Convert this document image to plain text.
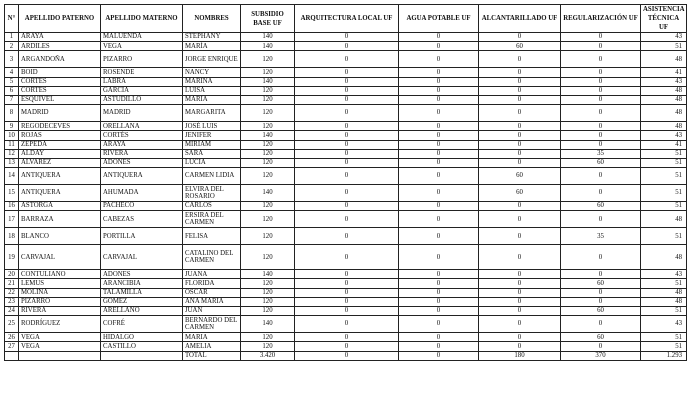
N°	APELLIDO PATERNO	APELLIDO MATERNO	NOMBRES	SUBSIDIO BASE UF	ARQUITECTURA LOCAL UF	AGUA POTABLE UF	ALCANTARILLADO UF	REGULARIZACIÓN UF	ASISTENCIA TÉCNICA UF
1	ARAYA	MALUENDA	STEPHANY	140	0	0	0	0	43
2	ARDILES	VEGA	MARÍA	140	0	0	60	0	51
3	ARGANDOÑA	PIZARRO	JORGE ENRIQUE	120	0	0	0	0	48
4	BOID	ROSENDE	NANCY	120	0	0	0	0	41
5	CORTES	LABRA	MARINA	140	0	0	0	0	43
6	CORTÉS	GARCÍA	LUISA	120	0	0	0	0	48
7	ESQUIVEL	ASTUDILLO	MARIA	120	0	0	0	0	48
8	MADRID	MADRID	MARGARITA	120	0	0	0	0	48
9	REGODECEVES	ORELLANA	JOSÉ LUIS	120	0	0	0	0	48
10	ROJAS	CORTÉS	JENIFER	140	0	0	0	0	43
11	ZEPEDA	ARAYA	MIRIAM	120	0	0	0	0	41
12	ALDAY	RIVERA	SARA	120	0	0	0	35	51
13	ALVAREZ	ADONES	LUCIA	120	0	0	0	60	51
14	ANTIQUERA	ANTIQUERA	CARMEN LIDIA	120	0	0	60	0	51
15	ANTIQUERA	AHUMADA	ELVIRA DEL ROSARIO	140	0	0	60	0	51
16	ASTORGA	PACHECO	CARLOS	120	0	0	0	60	51
17	BARRAZA	CABEZAS	ERSIRA DEL CARMEN	120	0	0	0	0	48
18	BLANCO	PORTILLA	FELISA	120	0	0	0	35	51
19	CARVAJAL	CARVAJAL	CATALINO DEL CARMEN	120	0	0	0	0	48
20	CONTULIANO	ADONES	JUANA	140	0	0	0	0	43
21	LEMUS	ARANCIBIA	FLORIDA	120	0	0	0	60	51
22	MOLINA	TALAMILLA	OSCAR	120	0	0	0	0	48
23	PIZARRO	GOMEZ	ANA MARÍA	120	0	0	0	0	48
24	RIVERA	ARELLANO	JUAN	120	0	0	0	60	51
25	RODRÍGUEZ	COFRÉ	BERNARDO DEL CARMEN	140	0	0	0	0	43
26	VEGA	HIDALGO	MARIA	120	0	0	0	60	51
27	VEGA	CASTILLO	AMELIA	120	0	0	0	0	51
			TOTAL	3.420	0	0	180	370	1.293
